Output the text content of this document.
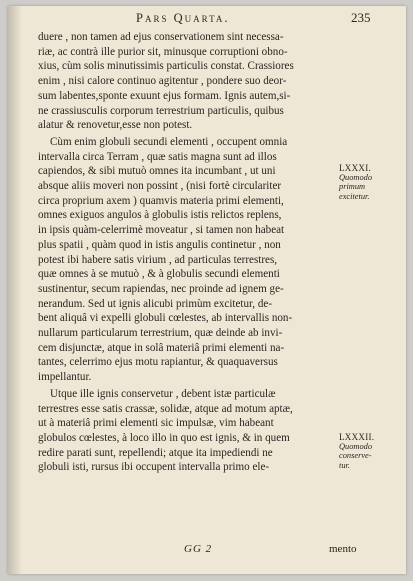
Pars Quarta.	235
duere , non tamen ad ejus conservationem sint necessa-
riæ, ac contrà ille purior sit, minusque corruptioni obno-
xius, cùm solis minutissimis particulis constat. Crassiores
enim , nisi calore continuo agitentur , pondere suo deor-
sum labentes,sponte exuunt ejus formam. Ignis autem,si-
ne crassiusculis corporum terrestrium particulis, quibus
alatur & renovetur,esse non potest.
Cùm enim globuli secundi elementi , occupent omnia
intervalla circa Terram , quæ satis magna sunt ad illos
capiendos, & sibi mutuò omnes ita incumbant , ut uni
absque aliis moveri non possint , (nisi fortè circulariter
circa proprium axem ) quamvis materia primi elementi,
omnes exiguos angulos à globulis istis relictos replens,
in ipsis quàm-celerrimè moveatur , si tamen non habeat
plus spatii , quàm quod in istis angulis continetur , non
potest ibi habere satis virium , ad particulas terrestres,
quæ omnes à se mutuò , & à globulis secundi elementi
sustinentur, secum rapiendas, nec proinde ad ignem ge-
nerandum. Sed ut ignis alicubi primùm excitetur, de-
bent aliquâ vi expelli globuli cœlestes, ab intervallis non-
nullarum particularum terrestrium, quæ deinde ab invi-
cem disjunctæ, atque in solâ materiâ primi elementi na-
tantes, celerrimo ejus motu rapiantur, & quaquaversus
impellantur.
Utque ille ignis conservetur , debent istæ particulæ
terrestres esse satis crassæ, solidæ, atque ad motum aptæ,
ut à materiâ primi elementi sic impulsæ, vim habeant
globulos cœlestes, à loco illo in quo est ignis, & in quem
redire parati sunt, repellendi; atque ita impediendi ne
globuli isti, rursus ibi occupent intervalla primo ele-
LXXXI.
Quomodo
primum
excitetur.
LXXXII.
Quomodo
conserve-
tur.
GG 2	mento
